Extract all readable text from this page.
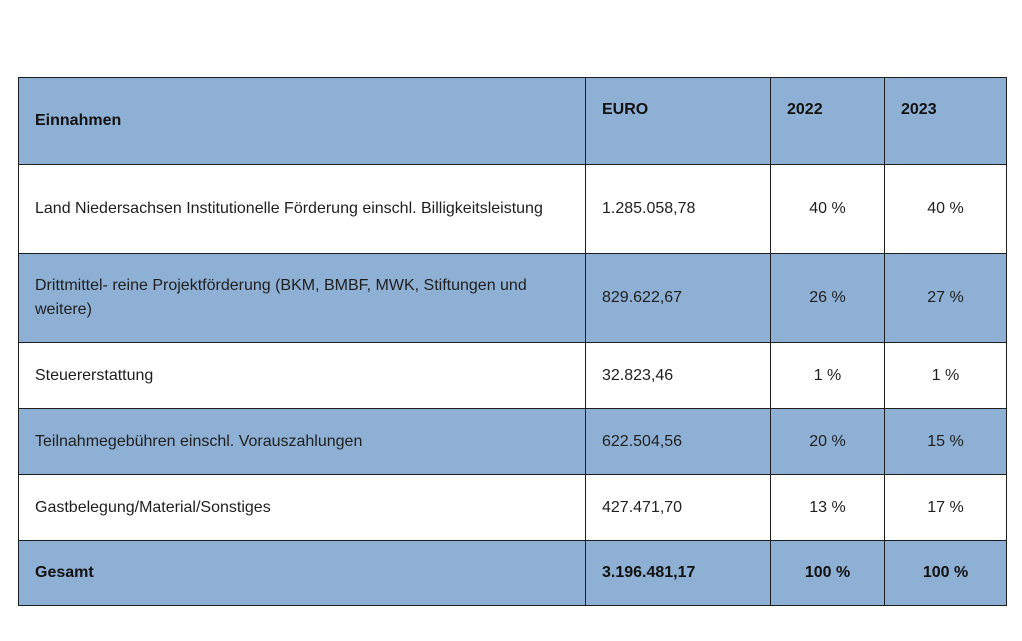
Einnahmen	EURO	2022	2023
Land Niedersachsen Institutionelle Förderung einschl. Billigkeitsleistung	1.285.058,78	40 %	40 %
Drittmittel- reine Projektförderung (BKM, BMBF, MWK, Stiftungen und weitere)	829.622,67	26 %	27 %
Steuererstattung	32.823,46	1 %	1 %
Teilnahmegebühren einschl. Vorauszahlungen	622.504,56	20 %	15 %
Gastbelegung/Material/Sonstiges	427.471,70	13 %	17 %
Gesamt	3.196.481,17	100 %	100 %
